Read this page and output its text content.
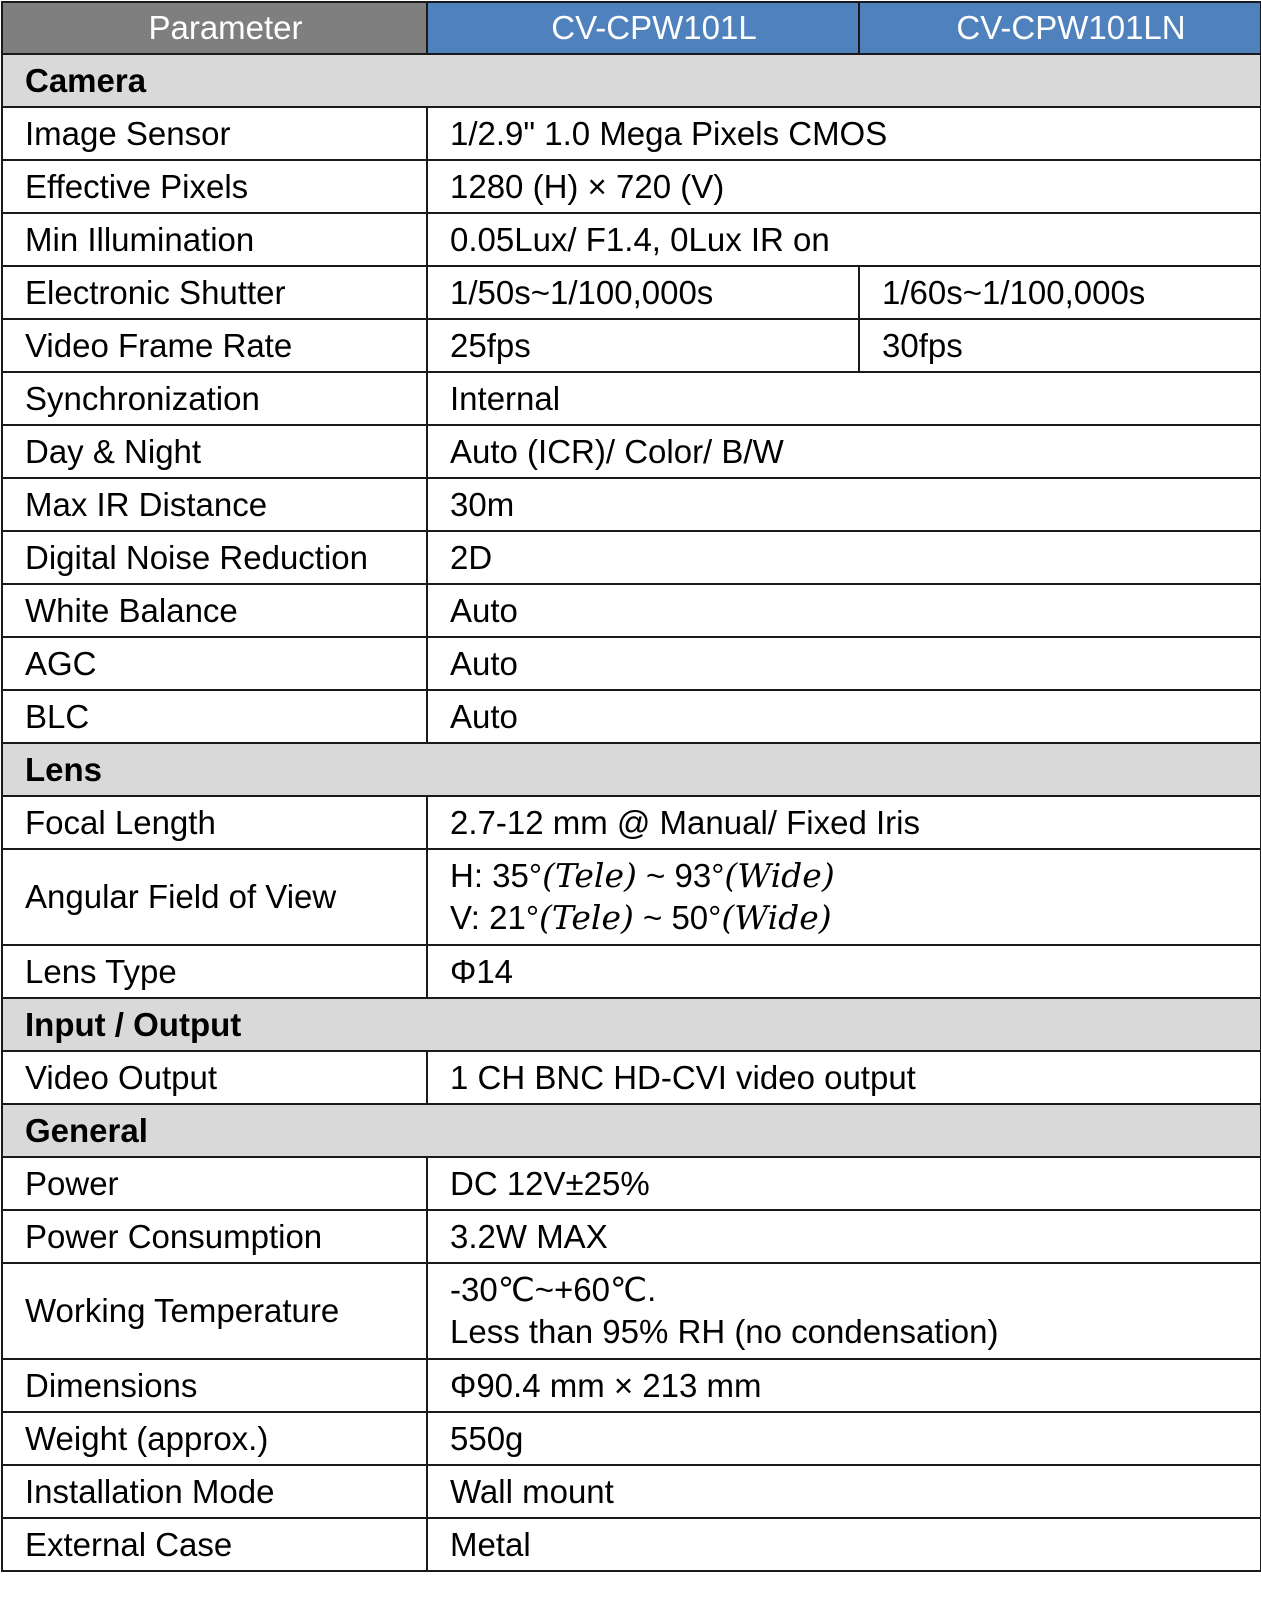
Parameter	CV-CPW101L	CV-CPW101LN
Camera		
Image Sensor	1/2.9" 1.0 Mega Pixels CMOS	
Effective Pixels	1280 (H) × 720 (V)	
Min Illumination	0.05Lux/ F1.4, 0Lux IR on	
Electronic Shutter	1/50s~1/100,000s	1/60s~1/100,000s
Video Frame Rate	25fps	30fps
Synchronization	Internal	
Day & Night	Auto (ICR)/ Color/ B/W	
Max IR Distance	30m	
Digital Noise Reduction	2D	
White Balance	Auto	
AGC	Auto	
BLC	Auto	
Lens		
Focal Length	2.7-12 mm @ Manual/ Fixed Iris	
Angular Field of View	H: 35°(Tele) ~ 93°(Wide)
V: 21°(Tele) ~ 50°(Wide)	

Lens Type	Φ14	
Input / Output		
Video Output	1 CH BNC HD-CVI video output	
General		
Power	DC 12V±25%	
Power Consumption	3.2W MAX	
Working Temperature	-30℃~+60℃.
Less than 95% RH (no condensation)	

Dimensions	Φ90.4 mm × 213 mm	
Weight (approx.)	550g	
Installation Mode	Wall mount	
External Case	Metal	
